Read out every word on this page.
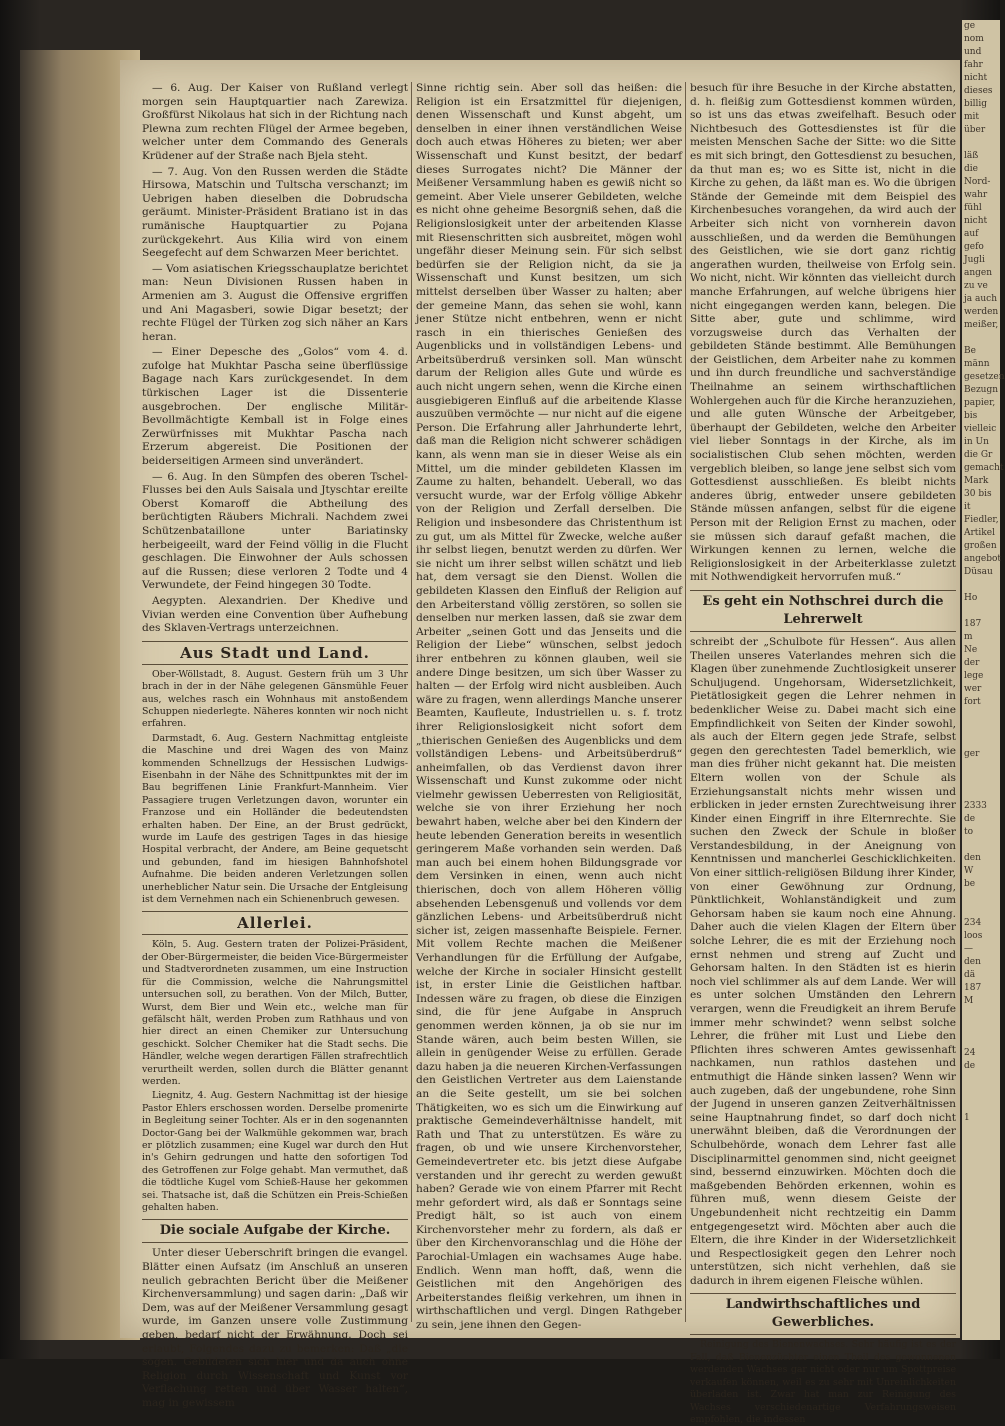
— 6. Aug. Der Kaiser von Rußland verlegt morgen sein Hauptquartier nach Zarewiza. Großfürst Nikolaus hat sich in der Richtung nach Plewna zum rechten Flügel der Armee begeben, welcher unter dem Commando des Generals Krüdener auf der Straße nach Bjela steht.

— 7. Aug. Von den Russen werden die Städte Hirsowa, Matschin und Tultscha verschanzt; im Uebrigen haben dieselben die Dobrudscha geräumt. Minister-Präsident Bratiano ist in das rumänische Hauptquartier zu Pojana zurückgekehrt. Aus Kilia wird von einem Seegefecht auf dem Schwarzen Meer berichtet.

— Vom asiatischen Kriegsschauplatze berichtet man: Neun Divisionen Russen haben in Armenien am 3. August die Offensive ergriffen und Ani Magasberi, sowie Digar besetzt; der rechte Flügel der Türken zog sich näher an Kars heran.

— Einer Depesche des „Golos“ vom 4. d. zufolge hat Mukhtar Pascha seine überflüssige Bagage nach Kars zurückgesendet. In dem türkischen Lager ist die Dissenterie ausgebrochen. Der englische Militär-Bevollmächtigte Kemball ist in Folge eines Zerwürfnisses mit Mukhtar Pascha nach Erzerum abgereist. Die Positionen der beiderseitigen Armeen sind unverändert.

— 6. Aug. In den Sümpfen des oberen Tschel-Flusses bei den Auls Saisala und Jtyschtar ereilte Oberst Komaroff die Abtheilung des berüchtigten Räubers Michrali. Nachdem zwei Schützenbataillone unter Bariatinsky herbeigeeilt, ward der Feind völlig in die Flucht geschlagen. Die Einwohner der Auls schossen auf die Russen; diese verloren 2 Todte und 4 Verwundete, der Feind hingegen 30 Todte.

Aegypten. Alexandrien. Der Khedive und Vivian werden eine Convention über Aufhebung des Sklaven-Vertrags unterzeichnen.

Aus Stadt und Land.

Ober-Wöllstadt, 8. August. Gestern früh um 3 Uhr brach in der in der Nähe gelegenen Gänsmühle Feuer aus, welches rasch ein Wohnhaus mit anstoßendem Schuppen niederlegte. Näheres konnten wir noch nicht erfahren.

Darmstadt, 6. Aug. Gestern Nachmittag entgleiste die Maschine und drei Wagen des von Mainz kommenden Schnellzugs der Hessischen Ludwigs-Eisenbahn in der Nähe des Schnittpunktes mit der im Bau begriffenen Linie Frankfurt-Mannheim. Vier Passagiere trugen Verletzungen davon, worunter ein Franzose und ein Holländer die bedeutendsten erhalten haben. Der Eine, an der Brust gedrückt, wurde im Laufe des gestrigen Tages in das hiesige Hospital verbracht, der Andere, am Beine gequetscht und gebunden, fand im hiesigen Bahnhofshotel Aufnahme. Die beiden anderen Verletzungen sollen unerheblicher Natur sein. Die Ursache der Entgleisung ist dem Vernehmen nach ein Schienenbruch gewesen.

Allerlei.

Köln, 5. Aug. Gestern traten der Polizei-Präsident, der Ober-Bürgermeister, die beiden Vice-Bürgermeister und Stadtverordneten zusammen, um eine Instruction für die Commission, welche die Nahrungsmittel untersuchen soll, zu berathen. Von der Milch, Butter, Wurst, dem Bier und Wein etc., welche man für gefälscht hält, werden Proben zum Rathhaus und von hier direct an einen Chemiker zur Untersuchung geschickt. Solcher Chemiker hat die Stadt sechs. Die Händler, welche wegen derartigen Fällen strafrechtlich verurtheilt werden, sollen durch die Blätter genannt werden.

Liegnitz, 4. Aug. Gestern Nachmittag ist der hiesige Pastor Ehlers erschossen worden. Derselbe promenirte in Begleitung seiner Tochter. Als er in den sogenannten Doctor-Gang bei der Walkmühle gekommen war, brach er plötzlich zusammen; eine Kugel war durch den Hut in's Gehirn gedrungen und hatte den sofortigen Tod des Getroffenen zur Folge gehabt. Man vermuthet, daß die tödtliche Kugel vom Schieß-Hause her gekommen sei. Thatsache ist, daß die Schützen ein Preis-Schießen gehalten haben.

Die sociale Aufgabe der Kirche.

Unter dieser Ueberschrift bringen die evangel. Blätter einen Aufsatz (im Anschluß an unseren neulich gebrachten Bericht über die Meißener Kirchenversammlung) und sagen darin: „Daß wir Dem, was auf der Meißener Versammlung gesagt wurde, im Ganzen unsere volle Zustimmung geben, bedarf nicht der Erwähnung. Doch sei erlaubt, Folgendes dazu zu bemerken: Daß „die sogen. Gebildeten sich hier und da auch ohne Religion durch Wissenschaft und Kunst vor Verflachung retten und über Wasser halten“, mag in gewissem

Sinne richtig sein. Aber soll das heißen: die Religion ist ein Ersatzmittel für diejenigen, denen Wissenschaft und Kunst abgeht, um denselben in einer ihnen verständlichen Weise doch auch etwas Höheres zu bieten; wer aber Wissenschaft und Kunst besitzt, der bedarf dieses Surrogates nicht? Die Männer der Meißener Versammlung haben es gewiß nicht so gemeint. Aber Viele unserer Gebildeten, welche es nicht ohne geheime Besorgniß sehen, daß die Religionslosigkeit unter der arbeitenden Klasse mit Riesenschritten sich ausbreitet, mögen wohl ungefähr dieser Meinung sein. Für sich selbst bedürfen sie der Religion nicht, da sie ja Wissenschaft und Kunst besitzen, um sich mittelst derselben über Wasser zu halten; aber der gemeine Mann, das sehen sie wohl, kann jener Stütze nicht entbehren, wenn er nicht rasch in ein thierisches Genießen des Augenblicks und in vollständigen Lebens- und Arbeitsüberdruß versinken soll. Man wünscht darum der Religion alles Gute und würde es auch nicht ungern sehen, wenn die Kirche einen ausgiebigeren Einfluß auf die arbeitende Klasse auszuüben vermöchte — nur nicht auf die eigene Person. Die Erfahrung aller Jahrhunderte lehrt, daß man die Religion nicht schwerer schädigen kann, als wenn man sie in dieser Weise als ein Mittel, um die minder gebildeten Klassen im Zaume zu halten, behandelt. Ueberall, wo das versucht wurde, war der Erfolg völlige Abkehr von der Religion und Zerfall derselben. Die Religion und insbesondere das Christenthum ist zu gut, um als Mittel für Zwecke, welche außer ihr selbst liegen, benutzt werden zu dürfen. Wer sie nicht um ihrer selbst willen schätzt und lieb hat, dem versagt sie den Dienst. Wollen die gebildeten Klassen den Einfluß der Religion auf den Arbeiterstand völlig zerstören, so sollen sie denselben nur merken lassen, daß sie zwar dem Arbeiter „seinen Gott und das Jenseits und die Religion der Liebe“ wünschen, selbst jedoch ihrer entbehren zu können glauben, weil sie andere Dinge besitzen, um sich über Wasser zu halten — der Erfolg wird nicht ausbleiben. Auch wäre zu fragen, wenn allerdings Manche unserer Beamten, Kaufleute, Industriellen u. s. f. trotz ihrer Religionslosigkeit nicht sofort dem „thierischen Genießen des Augenblicks und dem vollständigen Lebens- und Arbeitsüberdruß“ anheimfallen, ob das Verdienst davon ihrer Wissenschaft und Kunst zukomme oder nicht vielmehr gewissen Ueberresten von Religiosität, welche sie von ihrer Erziehung her noch bewahrt haben, welche aber bei den Kindern der heute lebenden Generation bereits in wesentlich geringerem Maße vorhanden sein werden. Daß man auch bei einem hohen Bildungsgrade vor dem Versinken in einen, wenn auch nicht thierischen, doch von allem Höheren völlig absehenden Lebensgenuß und vollends vor dem gänzlichen Lebens- und Arbeitsüberdruß nicht sicher ist, zeigen massenhafte Beispiele. Ferner. Mit vollem Rechte machen die Meißener Verhandlungen für die Erfüllung der Aufgabe, welche der Kirche in socialer Hinsicht gestellt ist, in erster Linie die Geistlichen haftbar. Indessen wäre zu fragen, ob diese die Einzigen sind, die für jene Aufgabe in Anspruch genommen werden können, ja ob sie nur im Stande wären, auch beim besten Willen, sie allein in genügender Weise zu erfüllen. Gerade dazu haben ja die neueren Kirchen-Verfassungen den Geistlichen Vertreter aus dem Laienstande an die Seite gestellt, um sie bei solchen Thätigkeiten, wo es sich um die Einwirkung auf praktische Gemeindeverhältnisse handelt, mit Rath und That zu unterstützen. Es wäre zu fragen, ob und wie unsere Kirchenvorsteher, Gemeindevertreter etc. bis jetzt diese Aufgabe verstanden und ihr gerecht zu werden gewußt haben? Gerade wie von einem Pfarrer mit Recht mehr gefordert wird, als daß er Sonntags seine Predigt hält, so ist auch von einem Kirchenvorsteher mehr zu fordern, als daß er über den Kirchenvoranschlag und die Höhe der Parochial-Umlagen ein wachsames Auge habe. Endlich. Wenn man hofft, daß, wenn die Geistlichen mit den Angehörigen des Arbeiterstandes fleißig verkehren, um ihnen in wirthschaftlichen und vergl. Dingen Rathgeber zu sein, jene ihnen den Gegen-

besuch für ihre Besuche in der Kirche abstatten, d. h. fleißig zum Gottesdienst kommen würden, so ist uns das etwas zweifelhaft. Besuch oder Nichtbesuch des Gottesdienstes ist für die meisten Menschen Sache der Sitte: wo die Sitte es mit sich bringt, den Gottesdienst zu besuchen, da thut man es; wo es Sitte ist, nicht in die Kirche zu gehen, da läßt man es. Wo die übrigen Stände der Gemeinde mit dem Beispiel des Kirchenbesuches vorangehen, da wird auch der Arbeiter sich nicht von vornherein davon ausschließen, und da werden die Bemühungen des Geistlichen, wie sie dort ganz richtig angerathen wurden, theilweise von Erfolg sein. Wo nicht, nicht. Wir könnten das vielleicht durch manche Erfahrungen, auf welche übrigens hier nicht eingegangen werden kann, belegen. Die Sitte aber, gute und schlimme, wird vorzugsweise durch das Verhalten der gebildeten Stände bestimmt. Alle Bemühungen der Geistlichen, dem Arbeiter nahe zu kommen und ihn durch freundliche und sachverständige Theilnahme an seinem wirthschaftlichen Wohlergehen auch für die Kirche heranzuziehen, und alle guten Wünsche der Arbeitgeber, überhaupt der Gebildeten, welche den Arbeiter viel lieber Sonntags in der Kirche, als im socialistischen Club sehen möchten, werden vergeblich bleiben, so lange jene selbst sich vom Gottesdienst ausschließen. Es bleibt nichts anderes übrig, entweder unsere gebildeten Stände müssen anfangen, selbst für die eigene Person mit der Religion Ernst zu machen, oder sie müssen sich darauf gefaßt machen, die Wirkungen kennen zu lernen, welche die Religionslosigkeit in der Arbeiterklasse zuletzt mit Nothwendigkeit hervorrufen muß.“

Es geht ein Nothschrei durch die Lehrerwelt

schreibt der „Schulbote für Hessen“. Aus allen Theilen unseres Vaterlandes mehren sich die Klagen über zunehmende Zuchtlosigkeit unserer Schuljugend. Ungehorsam, Widersetzlichkeit, Pietätlosigkeit gegen die Lehrer nehmen in bedenklicher Weise zu. Dabei macht sich eine Empfindlichkeit von Seiten der Kinder sowohl, als auch der Eltern gegen jede Strafe, selbst gegen den gerechtesten Tadel bemerklich, wie man dies früher nicht gekannt hat. Die meisten Eltern wollen von der Schule als Erziehungsanstalt nichts mehr wissen und erblicken in jeder ernsten Zurechtweisung ihrer Kinder einen Eingriff in ihre Elternrechte. Sie suchen den Zweck der Schule in bloßer Verstandesbildung, in der Aneignung von Kenntnissen und mancherlei Geschicklichkeiten. Von einer sittlich-religiösen Bildung ihrer Kinder, von einer Gewöhnung zur Ordnung, Pünktlichkeit, Wohlanständigkeit und zum Gehorsam haben sie kaum noch eine Ahnung. Daher auch die vielen Klagen der Eltern über solche Lehrer, die es mit der Erziehung noch ernst nehmen und streng auf Zucht und Gehorsam halten. In den Städten ist es hierin noch viel schlimmer als auf dem Lande. Wer will es unter solchen Umständen den Lehrern verargen, wenn die Freudigkeit an ihrem Berufe immer mehr schwindet? wenn selbst solche Lehrer, die früher mit Lust und Liebe den Pflichten ihres schweren Amtes gewissenhaft nachkamen, nun rathlos dastehen und entmuthigt die Hände sinken lassen? Wenn wir auch zugeben, daß der ungebundene, rohe Sinn der Jugend in unseren ganzen Zeitverhältnissen seine Hauptnahrung findet, so darf doch nicht unerwähnt bleiben, daß die Verordnungen der Schulbehörde, wonach dem Lehrer fast alle Disciplinarmittel genommen sind, nicht geeignet sind, bessernd einzuwirken. Möchten doch die maßgebenden Behörden erkennen, wohin es führen muß, wenn diesem Geiste der Ungebundenheit nicht rechtzeitig ein Damm entgegengesetzt wird. Möchten aber auch die Eltern, die ihre Kinder in der Widersetzlichkeit und Respectlosigkeit gegen den Lehrer noch unterstützen, sich nicht verhehlen, daß sie dadurch in ihrem eigenen Fleische wühlen.

Landwirthschaftliches und Gewerbliches.

Reinigung des Bienenwachses. Sehr häufig ist es der Fall, daß Bienenzüchter einen Theil des gewonnenen werdenden Wachses gar nicht oder nur um Spottpreise verkaufen können, weil es zu sehr mit Unreinlichkeiten überladen ist. Zwar hat man zur Reinigung des Wachses verschiedenartige Verfahrungsweisen empfohlen, die indessen

ge
nom
und
fahr
nicht
dieses
billig
mit
über

läß
die
Nord-
wahr
fühl
nicht
auf
gefo
Jugli
angen
zu ve
ja auch
werden
meißer,

Be
männ
gesetzen
Bezugn
papier,
bis
vielleic
in Un
die Gr
gemacht
Mark
30 bis
it
Fiedler,
Artikel
großen
angebot
Düsau

Ho

187
m
Ne
der
lege
wer
fort

ger

2333
de
to

den
W
be

234
loos
—
den
dä
187
M

24
de

1
